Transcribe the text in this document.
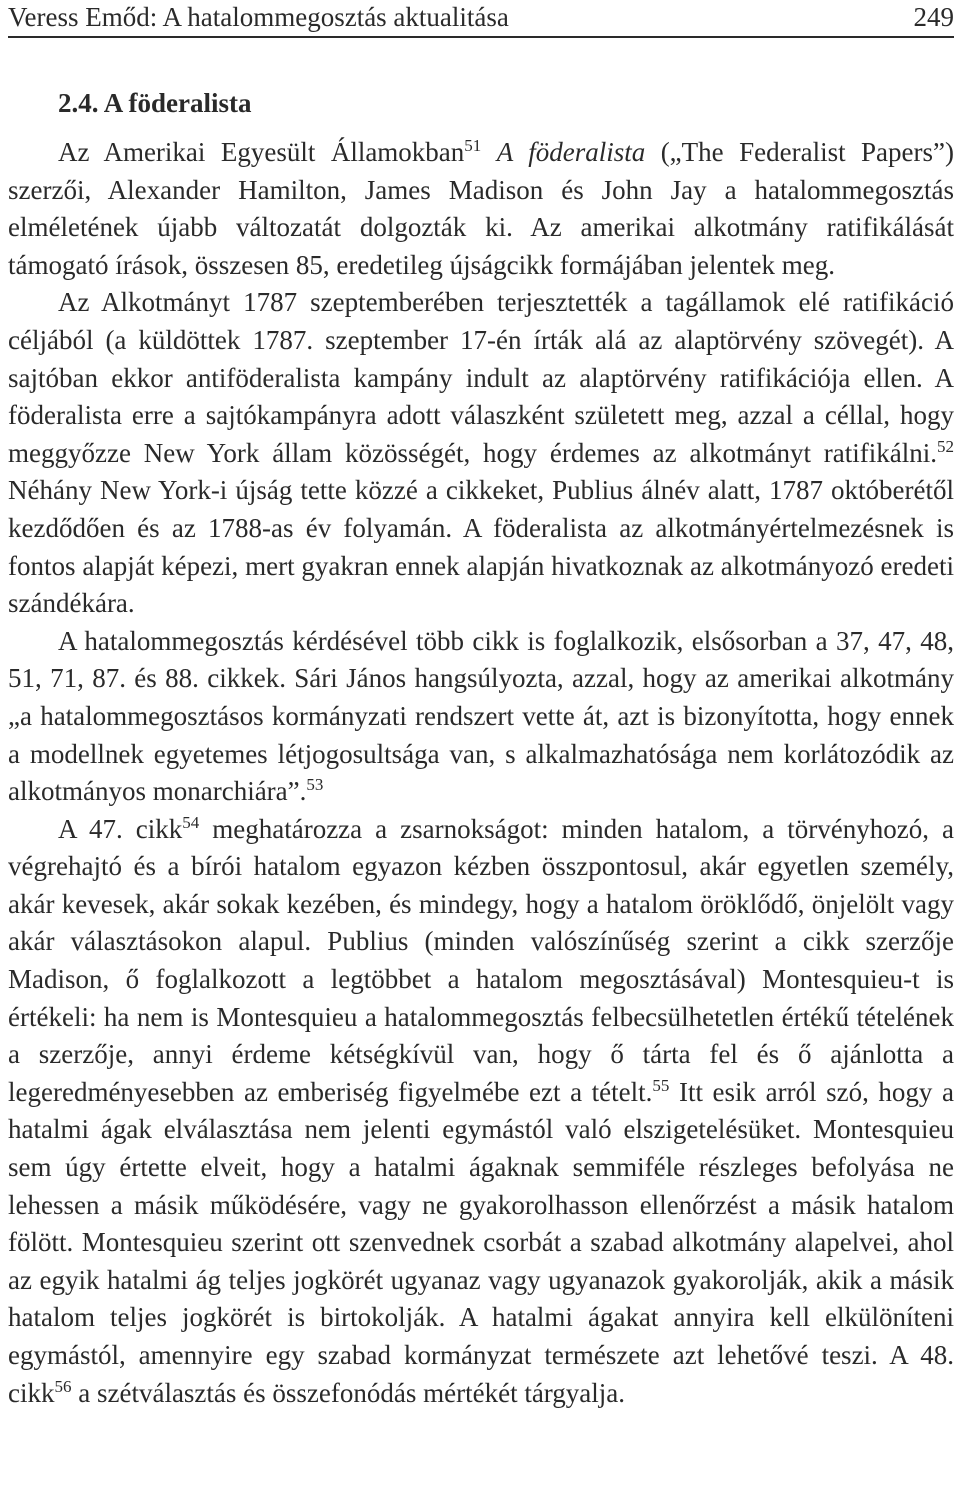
Veress Emőd: A hatalommegosztás aktualitása	249
2.4. A föderalista

Az Amerikai Egyesült Államokban$^{51}$ A föderalista („The Federalist Papers”) szerzői, Alexander Hamilton, James Madison és John Jay a hatalommegosztás elméletének újabb változatát dolgozták ki. Az amerikai alkotmány ratifikálását támogató írások, összesen 85, eredetileg újságcikk formájában jelentek meg.

Az Alkotmányt 1787 szeptemberében terjesztették a tagállamok elé ratifikáció céljából (a küldöttek 1787. szeptember 17-én írták alá az alaptörvény szövegét). A sajtóban ekkor antiföderalista kampány indult az alaptörvény ratifikációja ellen. A föderalista erre a sajtókampányra adott válaszként született meg, azzal a céllal, hogy meggyőzze New York állam közösségét, hogy érdemes az alkotmányt ratifikálni.$^{52}$ Néhány New York-i újság tette közzé a cikkeket, Publius álnév alatt, 1787 októberétől kezdődően és az 1788-as év folyamán. A föderalista az alkotmányértelmezésnek is fontos alapját képezi, mert gyakran ennek alapján hivatkoznak az alkotmányozó eredeti szándékára.

A hatalommegosztás kérdésével több cikk is foglalkozik, elsősorban a 37, 47, 48, 51, 71, 87. és 88. cikkek. Sári János hangsúlyozta, azzal, hogy az amerikai alkotmány „a hatalommegosztásos kormányzati rendszert vette át, azt is bizonyította, hogy ennek a modellnek egyetemes létjogosultsága van, s alkalmazhatósága nem korlátozódik az alkotmányos monarchiára”.$^{53}$

A 47. cikk$^{54}$ meghatározza a zsarnokságot: minden hatalom, a törvényhozó, a végrehajtó és a bírói hatalom egyazon kézben összpontosul, akár egyetlen személy, akár kevesek, akár sokak kezében, és mindegy, hogy a hatalom öröklődő, önjelölt vagy akár választásokon alapul. Publius (minden valószínűség szerint a cikk szerzője Madison, ő foglalkozott a legtöbbet a hatalom megosztásával) Montesquieu-t is értékeli: ha nem is Montesquieu a hatalommegosztás felbecsülhetetlen értékű tételének a szerzője, annyi érdeme kétségkívül van, hogy ő tárta fel és ő ajánlotta a legeredményesebben az emberiség figyelmébe ezt a tételt.$^{55}$ Itt esik arról szó, hogy a hatalmi ágak elválasztása nem jelenti egymástól való elszigetelésüket. Montesquieu sem úgy értette elveit, hogy a hatalmi ágaknak semmiféle részleges befolyása ne lehessen a másik működésére, vagy ne gyakorolhasson ellenőrzést a másik hatalom fölött. Montesquieu szerint ott szenvednek csorbát a szabad alkotmány alapelvei, ahol az egyik hatalmi ág teljes jogkörét ugyanaz vagy ugyanazok gyakorolják, akik a másik hatalom teljes jogkörét is birtokolják. A hatalmi ágakat annyira kell elkülöníteni egymástól, amennyire egy szabad kormányzat természete azt lehetővé teszi. A 48. cikk$^{56}$ a szétválasztás és összefonódás mértékét tárgyalja.
